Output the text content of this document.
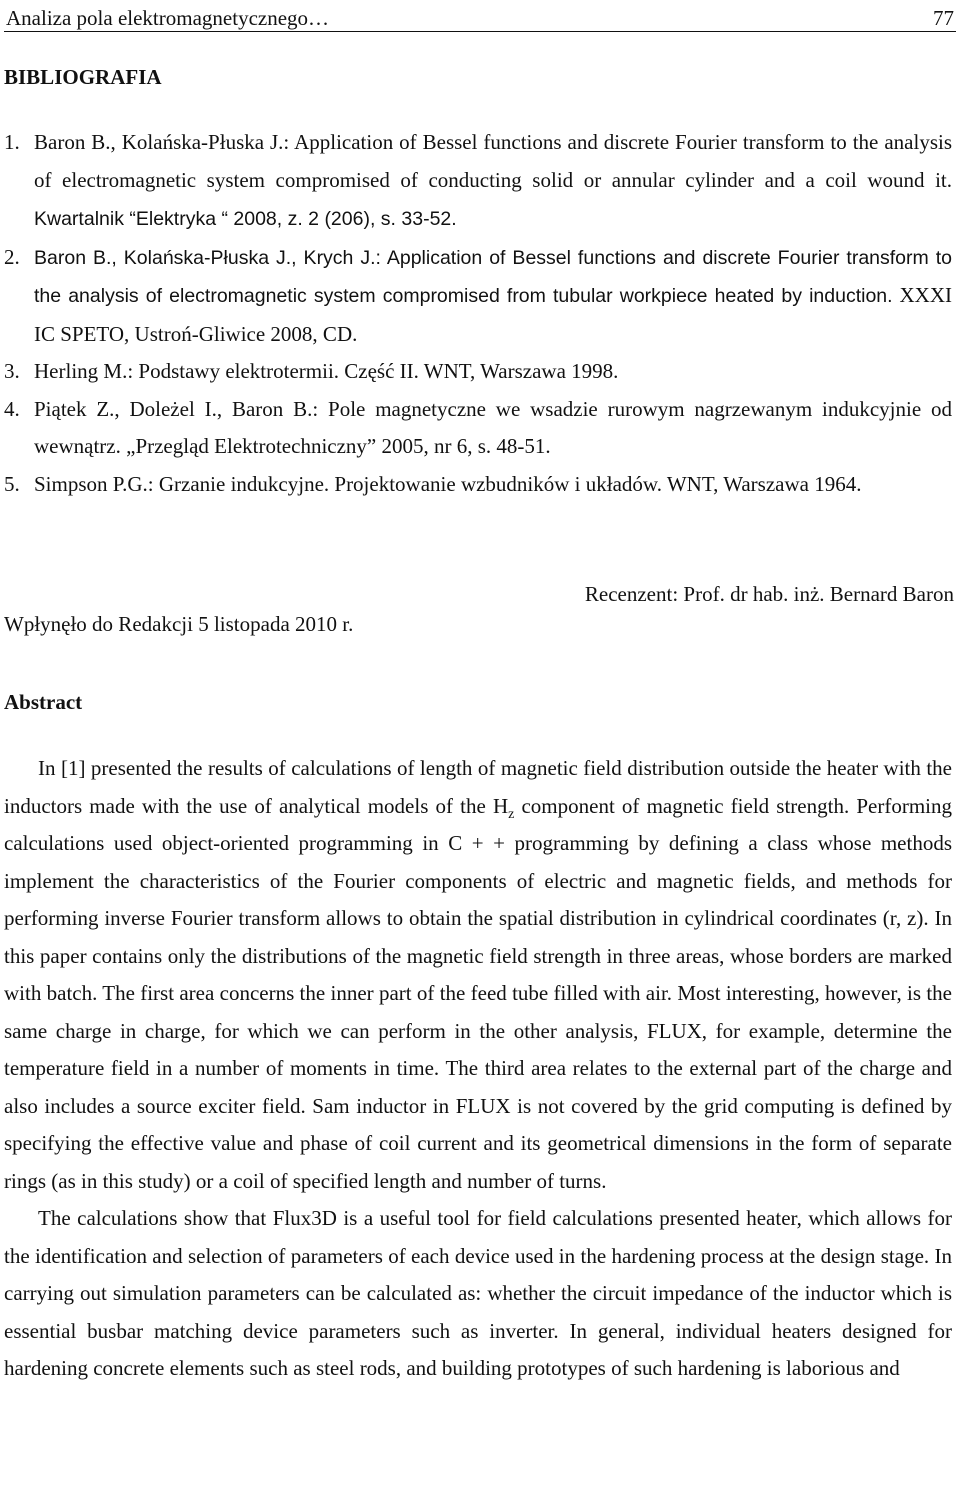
Analiza pola elektromagnetycznego…	77
BIBLIOGRAFIA
1. Baron B., Kolańska-Płuska J.: Application of Bessel functions and discrete Fourier transform to the analysis of electromagnetic system compromised of conducting solid or annular cylinder and a coil wound it. Kwartalnik “Elektryka “ 2008, z. 2 (206), s. 33-52.
2. Baron B., Kolańska-Płuska J., Krych J.: Application of Bessel functions and discrete Fourier transform to the analysis of electromagnetic system compromised from tubular workpiece heated by induction. XXXI IC SPETO, Ustroń-Gliwice 2008, CD.
3. Herling M.: Podstawy elektrotermii. Część II. WNT, Warszawa 1998.
4. Piątek Z., Doleżel I., Baron B.: Pole magnetyczne we wsadzie rurowym nagrzewanym indukcyjnie od wewnątrz. „Przegląd Elektrotechniczny” 2005, nr 6, s. 48-51.
5. Simpson P.G.: Grzanie indukcyjne. Projektowanie wzbudników i układów. WNT, Warszawa 1964.
Recenzent: Prof. dr hab. inż. Bernard Baron
Wpłynęło do Redakcji 5 listopada 2010 r.
Abstract

In [1] presented the results of calculations of length of magnetic field distribution outside the heater with the inductors made with the use of analytical models of the $H_z$ component of magnetic field strength. Performing calculations used object-oriented programming in C + + programming by defining a class whose methods implement the characteristics of the Fourier components of electric and magnetic fields, and methods for performing inverse Fourier transform allows to obtain the spatial distribution in cylindrical coordinates (r, z). In this paper contains only the distributions of the magnetic field strength in three areas, whose borders are marked with batch. The first area concerns the inner part of the feed tube filled with air. Most interesting, however, is the same charge in charge, for which we can perform in the other analysis, FLUX, for example, determine the temperature field in a number of moments in time. The third area relates to the external part of the charge and also includes a source exciter field. Sam inductor in FLUX is not covered by the grid computing is defined by specifying the effective value and phase of coil current and its geometrical dimensions in the form of separate rings (as in this study) or a coil of specified length and number of turns.

The calculations show that Flux3D is a useful tool for field calculations presented heater, which allows for the identification and selection of parameters of each device used in the hardening process at the design stage. In carrying out simulation parameters can be calculated as: whether the circuit impedance of the inductor which is essential busbar matching device parameters such as inverter. In general, individual heaters designed for hardening concrete elements such as steel rods, and building prototypes of such hardening is laborious and
